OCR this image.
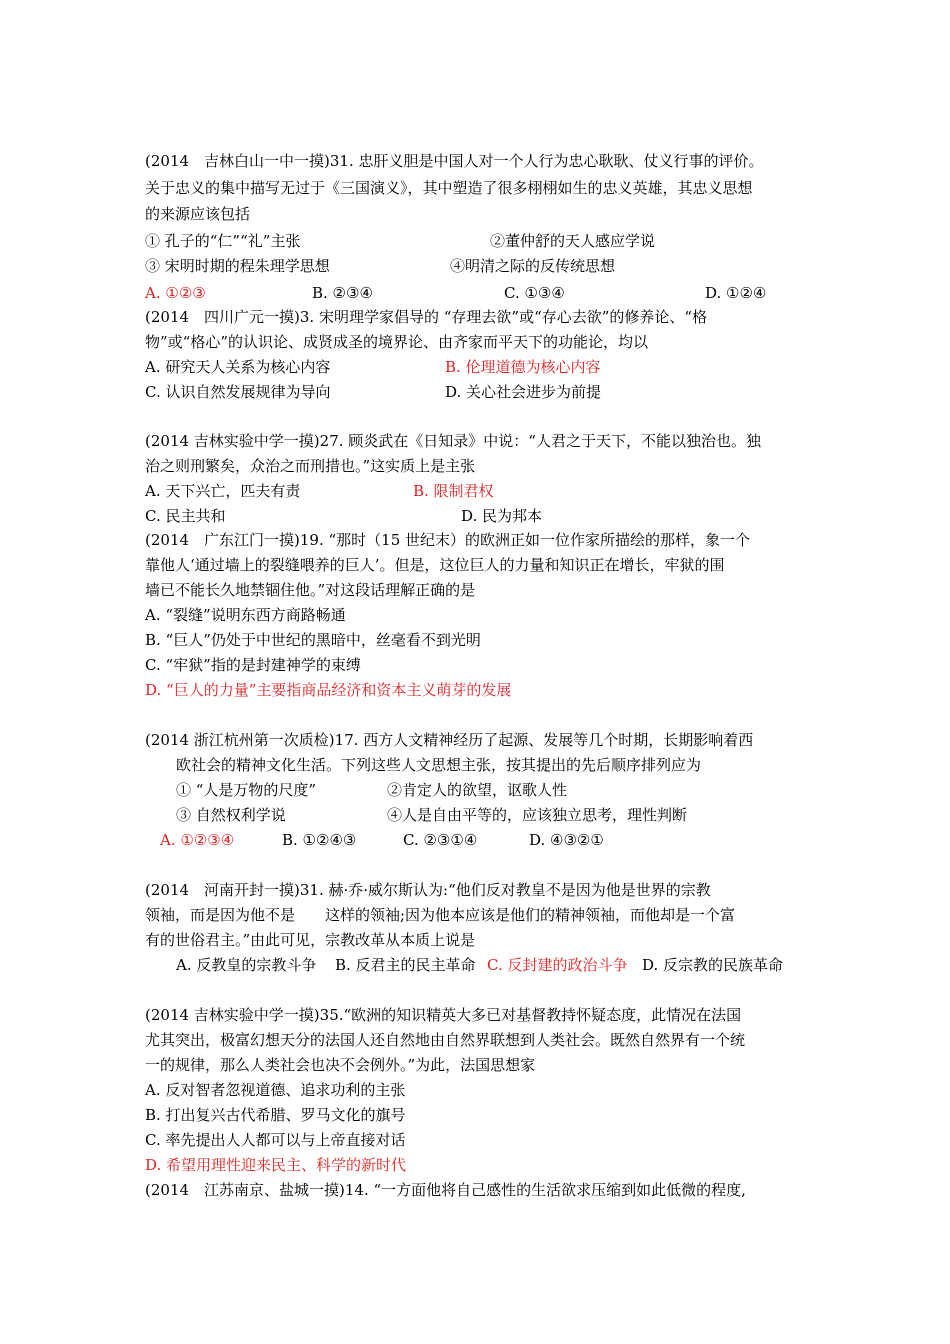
(2014　吉林白山一中一摸)31. 忠肝义胆是中国人对一个人行为忠心耿耿、仗义行事的评价。
关于忠义的集中描写无过于《三国演义》，其中塑造了很多栩栩如生的忠义英雄，其忠义思想
的来源应该包括
① 孔子的“仁”“礼”主张	②董仲舒的天人感应学说
③ 宋明时期的程朱理学思想	④明清之际的反传统思想
A. ①②③	B. ②③④	C. ①③④	D. ①②④
(2014　四川广元一摸)3. 宋明理学家倡导的 “存理去欲”或“存心去欲”的修养论、“格
物”或“格心”的认识论、成贤成圣的境界论、由齐家而平天下的功能论，均以
A. 研究天人关系为核心内容	B. 伦理道德为核心内容
C. 认识自然发展规律为导向	D. 关心社会进步为前提
(2014 吉林实验中学一摸)27. 顾炎武在《日知录》中说：“人君之于天下，不能以独治也。独
治之则刑繁矣，众治之而刑措也。”这实质上是主张
A. 天下兴亡，匹夫有责	B. 限制君权
C. 民主共和	D. 民为邦本
(2014　广东江门一摸)19. “那时（15 世纪末）的欧洲正如一位作家所描绘的那样，象一个
靠他人‘通过墙上的裂缝喂养的巨人’。但是，这位巨人的力量和知识正在增长，牢狱的围
墙已不能长久地禁锢住他。”对这段话理解正确的是
A. “裂缝”说明东西方商路畅通
B. “巨人”仍处于中世纪的黑暗中，丝毫看不到光明
C. “牢狱”指的是封建神学的束缚
D. “巨人的力量”主要指商品经济和资本主义萌芽的发展
(2014 浙江杭州第一次质检)17. 西方人文精神经历了起源、发展等几个时期，长期影响着西
欧社会的精神文化生活。下列这些人文思想主张，按其提出的先后顺序排列应为
① “人是万物的尺度”	②肯定人的欲望，讴歌人性
③ 自然权利学说	④人是自由平等的，应该独立思考，理性判断
A. ①②③④	B. ①②④③	C. ②③①④	D. ④③②①
(2014　河南开封一摸)31. 赫·乔·威尔斯认为:“他们反对教皇不是因为他是世界的宗教
领袖，而是因为他不是　　这样的领袖;因为他本应该是他们的精神领袖，而他却是一个富
有的世俗君主。”由此可见，宗教改革从本质上说是
A. 反教皇的宗教斗争 B. 反君主的民主革命 C. 反封建的政治斗争 D. 反宗教的民族革命
(2014 吉林实验中学一摸)35.“欧洲的知识精英大多已对基督教持怀疑态度，此情况在法国
尤其突出，极富幻想天分的法国人还自然地由自然界联想到人类社会。既然自然界有一个统
一的规律，那么人类社会也决不会例外。”为此，法国思想家
A. 反对智者忽视道德、追求功利的主张
B. 打出复兴古代希腊、罗马文化的旗号
C. 率先提出人人都可以与上帝直接对话
D. 希望用理性迎来民主、科学的新时代
(2014　江苏南京、盐城一摸)14. “一方面他将自己感性的生活欲求压缩到如此低微的程度,
